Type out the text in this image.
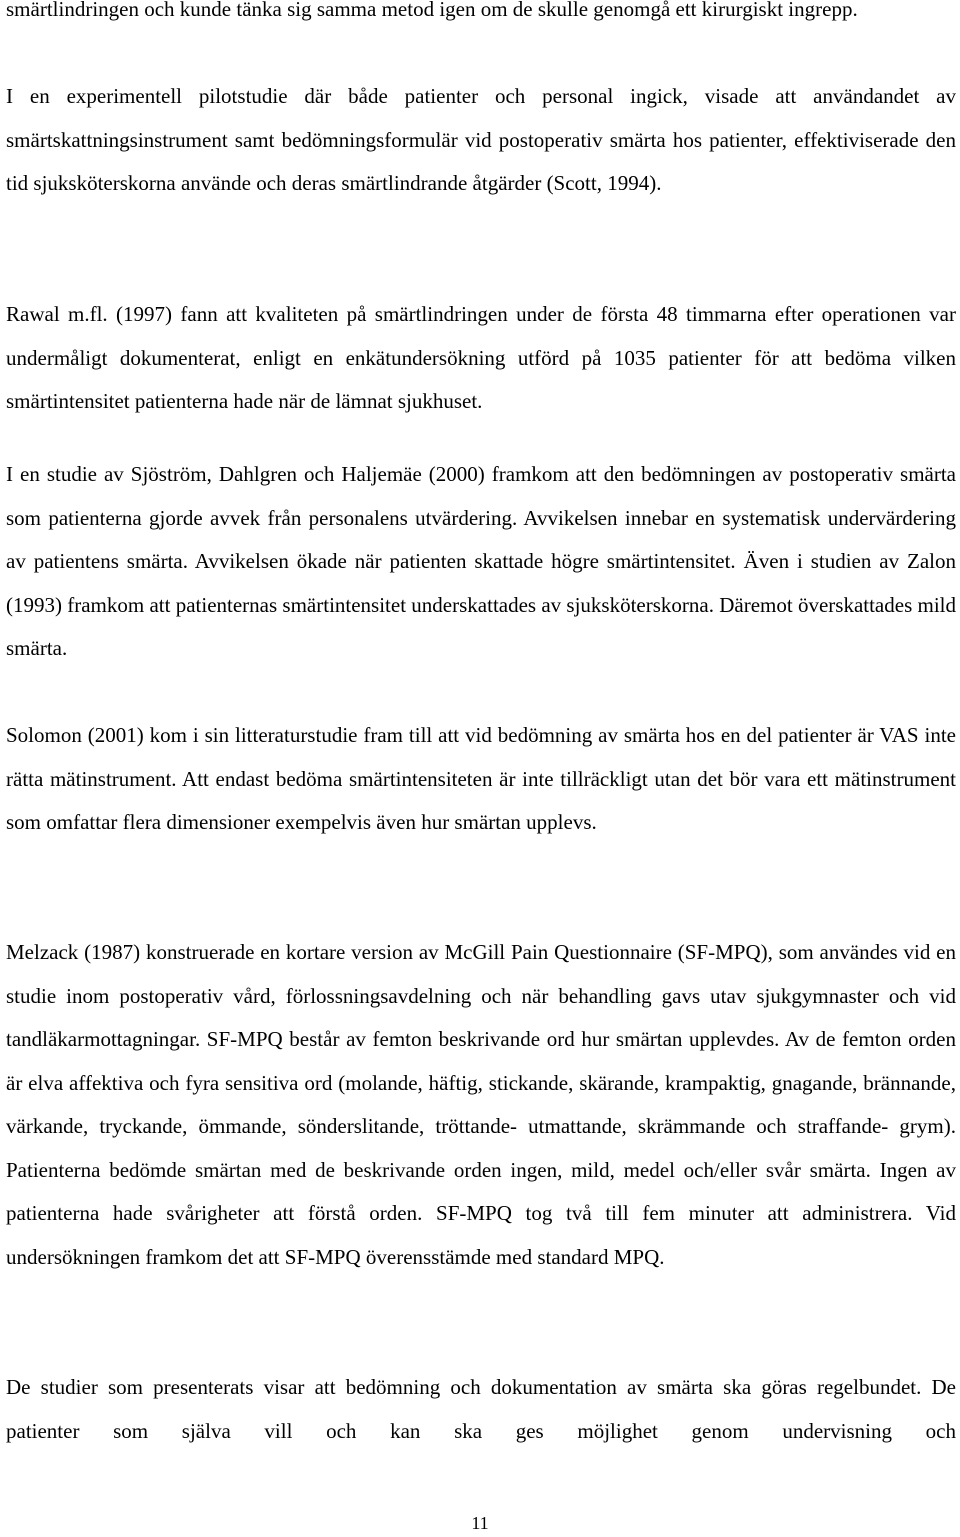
smärtlindringen och kunde tänka sig samma metod igen om de skulle genomgå ett kirurgiskt ingrepp.

I en experimentell pilotstudie där både patienter och personal ingick, visade att användandet av smärtskattningsinstrument samt bedömningsformulär vid postoperativ smärta hos patienter, effektiviserade den tid sjuksköterskorna använde och deras smärtlindrande åtgärder (Scott, 1994).

Rawal m.fl. (1997) fann att kvaliteten på smärtlindringen under de första 48 timmarna efter operationen var undermåligt dokumenterat, enligt en enkätundersökning utförd på 1035 patienter för att bedöma vilken smärtintensitet patienterna hade när de lämnat sjukhuset.

I en studie av Sjöström, Dahlgren och Haljemäe (2000) framkom att den bedömningen av postoperativ smärta som patienterna gjorde avvek från personalens utvärdering. Avvikelsen innebar en systematisk undervärdering av patientens smärta. Avvikelsen ökade när patienten skattade högre smärtintensitet. Även i studien av Zalon (1993) framkom att patienternas smärtintensitet underskattades av sjuksköterskorna. Däremot överskattades mild smärta.

Solomon (2001) kom i sin litteraturstudie fram till att vid bedömning av smärta hos en del patienter är VAS inte rätta mätinstrument. Att endast bedöma smärtintensiteten är inte tillräckligt utan det bör vara ett mätinstrument som omfattar flera dimensioner exempelvis även hur smärtan upplevs.

Melzack (1987) konstruerade en kortare version av McGill Pain Questionnaire (SF-MPQ), som användes vid en studie inom postoperativ vård, förlossningsavdelning och när behandling gavs utav sjukgymnaster och vid tandläkarmottagningar. SF-MPQ består av femton beskrivande ord hur smärtan upplevdes. Av de femton orden är elva affektiva och fyra sensitiva ord (molande, häftig, stickande, skärande, krampaktig, gnagande, brännande, värkande, tryckande, ömmande, sönderslitande, tröttande- utmattande, skrämmande och straffande- grym). Patienterna bedömde smärtan med de beskrivande orden ingen, mild, medel och/eller svår smärta. Ingen av patienterna hade svårigheter att förstå orden. SF-MPQ tog två till fem minuter att administrera. Vid undersökningen framkom det att SF-MPQ överensstämde med standard MPQ.

De studier som presenterats visar att bedömning och dokumentation av smärta ska göras regelbundet. De patienter som själva vill och kan ska ges möjlighet genom undervisning och

11
